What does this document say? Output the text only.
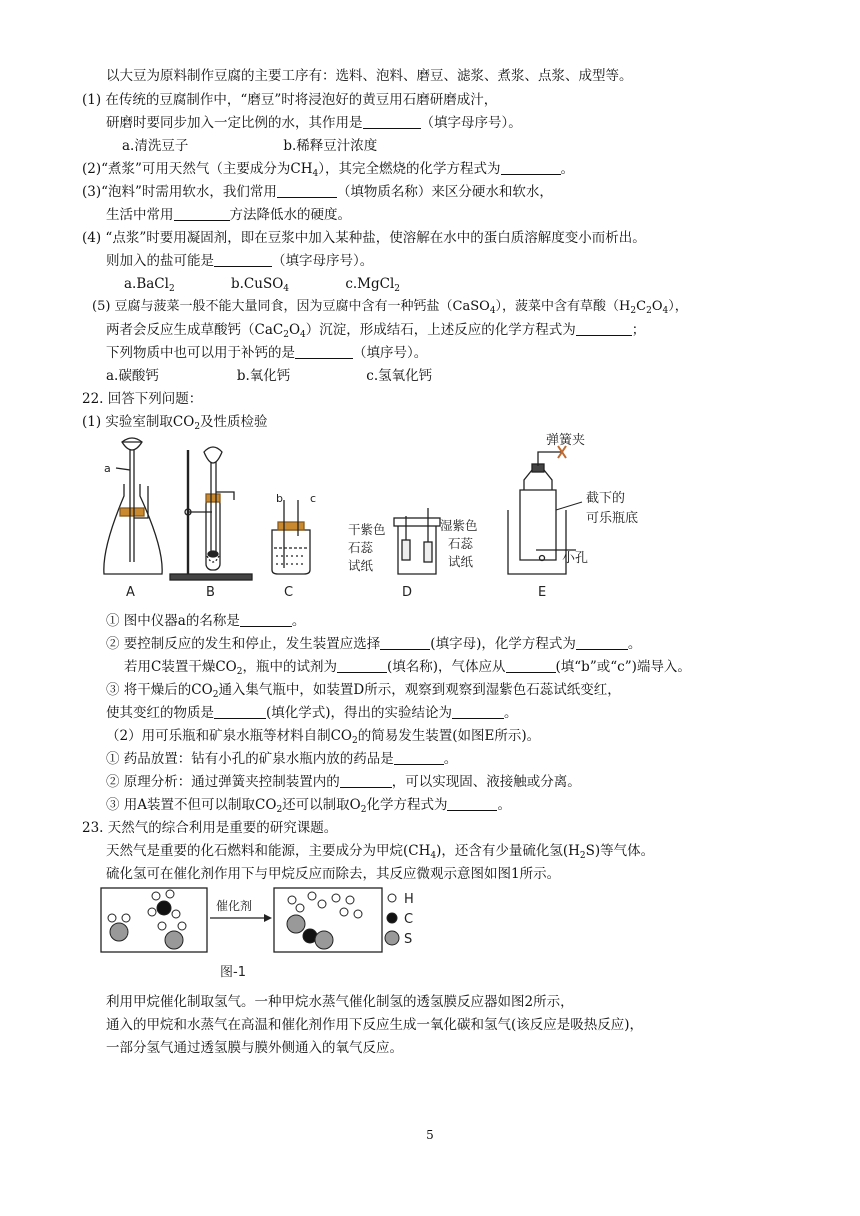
以大豆为原料制作豆腐的主要工序有：选料、泡料、磨豆、滤浆、煮浆、点浆、成型等。
(1) 在传统的豆腐制作中，“磨豆”时将浸泡好的黄豆用石磨研磨成汁，
研磨时要同步加入一定比例的水，其作用是	（填字母序号）。
a.清洗豆子	b.稀释豆汁浓度
(2)“煮浆”可用天然气（主要成分为$CH_4$），其完全燃烧的化学方程式为	。
(3)“泡料”时需用软水，我们常用	（填物质名称）来区分硬水和软水，
生活中常用	方法降低水的硬度。
(4) “点浆”时要用凝固剂，即在豆浆中加入某种盐，使溶解在水中的蛋白质溶解度变小而析出。
则加入的盐可能是	（填字母序号）。
a.BaCl$_2$	b.CuSO$_4$	c.MgCl$_2$
(5) 豆腐与菠菜一般不能大量同食，因为豆腐中含有一种钙盐（CaSO$_4$），菠菜中含有草酸$(H_2C_2O_4)$，
两者会反应生成草酸钙$(CaC_2O_4)$沉淀，形成结石，上述反应的化学方程式为	；
下列物质中也可以用于补钙的是	（填序号）。
a.碳酸钙	b.氧化钙	c.氢氧化钙
22. 回答下列问题：
(1) 实验室制取$CO_2$及性质检验
a
A	B
b c
C
干紫色
石蕊
试纸
湿紫色
石蕊
试纸
D
弹簧夹
截下的
可乐瓶底
小孔
E
① 图中仪器a的名称是	。
② 要控制反应的发生和停止，发生装置应选择	(填字母)，化学方程式为	。
若用C装置干燥$CO_2$，瓶中的试剂为	(填名称)，气体应从	(填“b”或“c”)端导入。
③ 将干燥后的$CO_2$通入集气瓶中，如装置D所示，观察到观察到湿紫色石蕊试纸变红，
使其变红的物质是	(填化学式)，得出的实验结论为	。
（2）用可乐瓶和矿泉水瓶等材料自制$CO_2$的简易发生装置(如图E所示)。
① 药品放置：钻有小孔的矿泉水瓶内放的药品是	。
② 原理分析：通过弹簧夹控制装置内的	，可以实现固、液接触或分离。
③ 用A装置不但可以制取$CO_2$还可以制取$O_2$化学方程式为	。
23. 天然气的综合利用是重要的研究课题。
天然气是重要的化石燃料和能源，主要成分为甲烷$(CH_4)$，还含有少量硫化氢$(H_2S)$等气体。
硫化氢可在催化剂作用下与甲烷反应而除去，其反应微观示意图如图1所示。
催化剂	H
C
S
图-1
利用甲烷催化制取氢气。一种甲烷水蒸气催化制氢的透氢膜反应器如图2所示，
通入的甲烷和水蒸气在高温和催化剂作用下反应生成一氧化碳和氢气(该反应是吸热反应)，
一部分氢气通过透氢膜与膜外侧通入的氧气反应。
5
